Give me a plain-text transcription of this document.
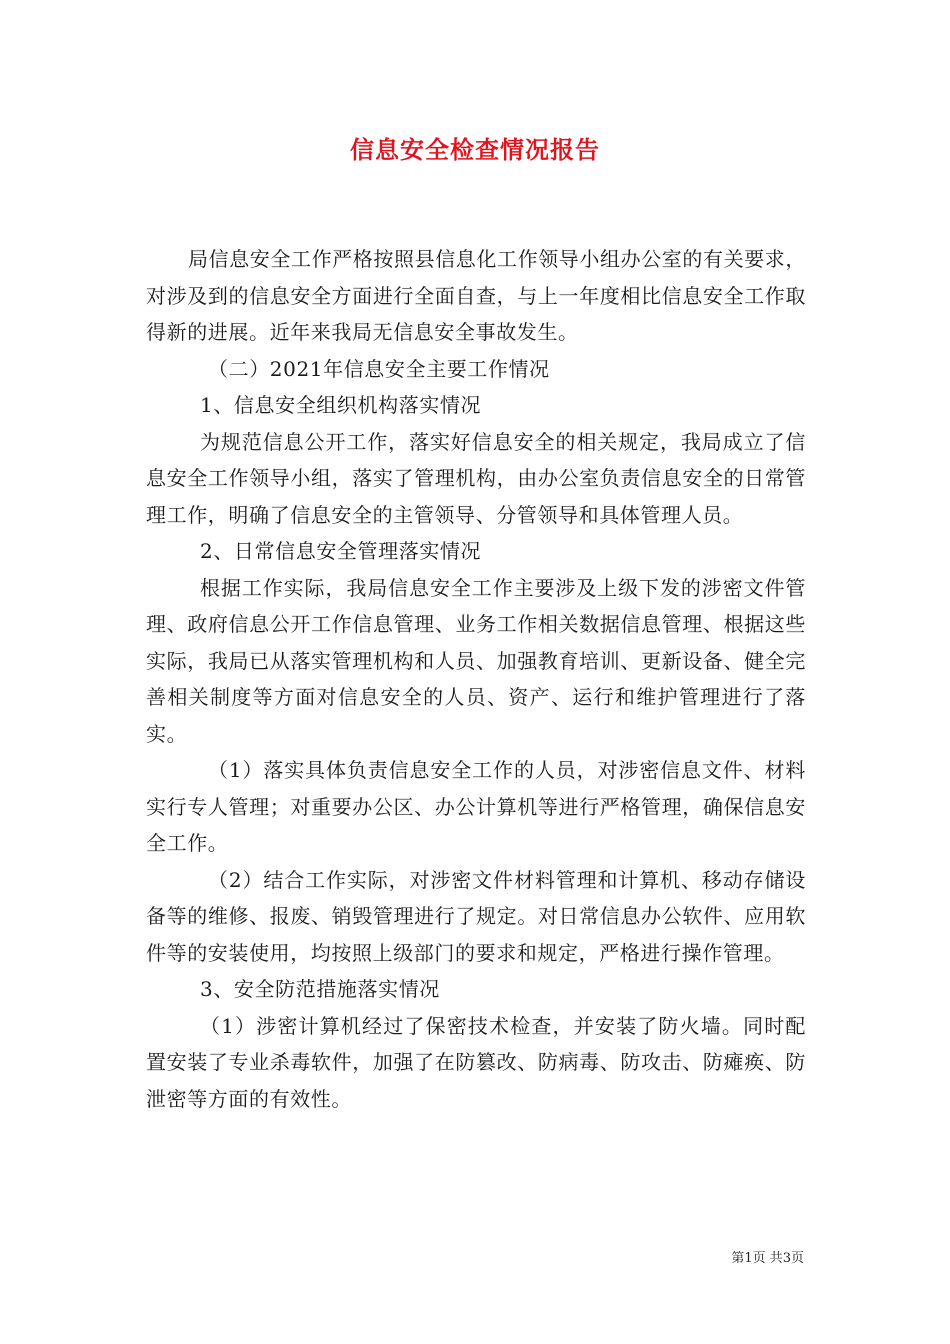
信息安全检查情况报告

局信息安全工作严格按照县信息化工作领导小组办公室的有关要求，对涉及到的信息安全方面进行全面自查，与上一年度相比信息安全工作取得新的进展。近年来我局无信息安全事故发生。

（二）2021年信息安全主要工作情况

1、信息安全组织机构落实情况

为规范信息公开工作，落实好信息安全的相关规定，我局成立了信息安全工作领导小组，落实了管理机构，由办公室负责信息安全的日常管理工作，明确了信息安全的主管领导、分管领导和具体管理人员。

2、日常信息安全管理落实情况

根据工作实际，我局信息安全工作主要涉及上级下发的涉密文件管理、政府信息公开工作信息管理、业务工作相关数据信息管理、根据这些实际，我局已从落实管理机构和人员、加强教育培训、更新设备、健全完善相关制度等方面对信息安全的人员、资产、运行和维护管理进行了落实。

（1）落实具体负责信息安全工作的人员，对涉密信息文件、材料实行专人管理；对重要办公区、办公计算机等进行严格管理，确保信息安全工作。

（2）结合工作实际，对涉密文件材料管理和计算机、移动存储设备等的维修、报废、销毁管理进行了规定。对日常信息办公软件、应用软件等的安装使用，均按照上级部门的要求和规定，严格进行操作管理。

3、安全防范措施落实情况

（1）涉密计算机经过了保密技术检查，并安装了防火墙。同时配置安装了专业杀毒软件，加强了在防篡改、防病毒、防攻击、防瘫痪、防泄密等方面的有效性。

第1页 共3页
